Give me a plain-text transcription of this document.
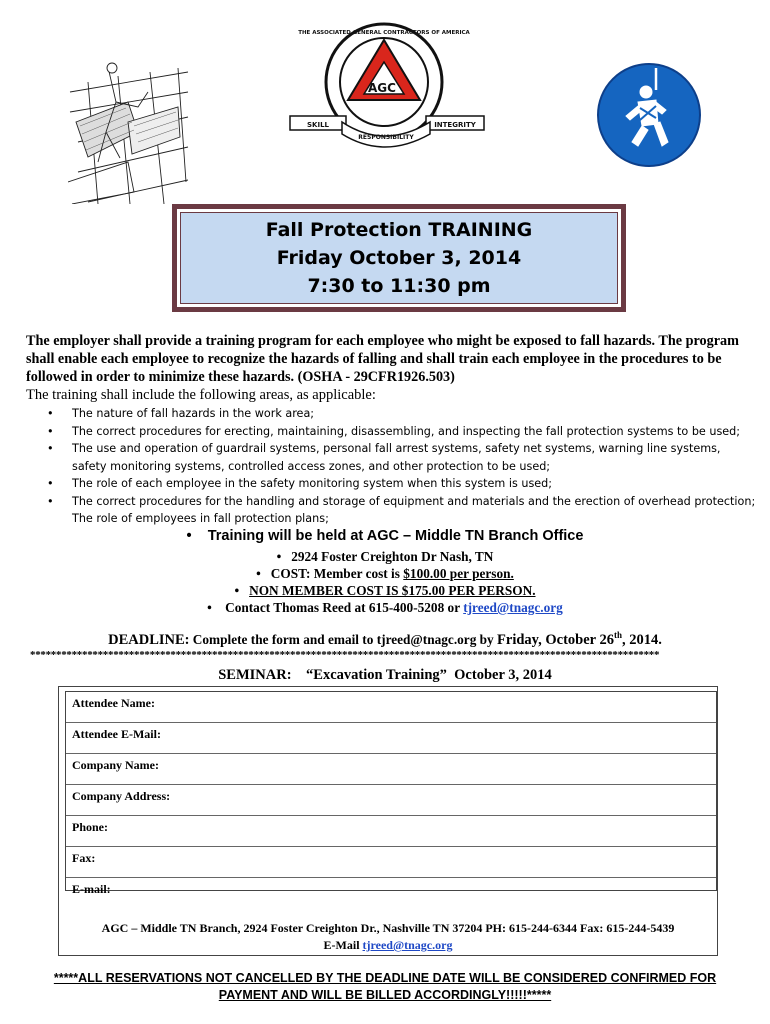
AGC
THE ASSOCIATED GENERAL CONTRACTORS OF AMERICA
SKILL
RESPONSIBILITY
INTEGRITY
Fall Protection TRAINING
Friday October 3, 2014
7:30 to 11:30 pm
The employer shall provide a training program for each employee who might be exposed to fall hazards. The program shall enable each employee to recognize the hazards of falling and shall train each employee in the procedures to be followed in order to minimize these hazards. (OSHA - 29CFR1926.503)
The training shall include the following areas, as applicable:
• The nature of fall hazards in the work area;
• The correct procedures for erecting, maintaining, disassembling, and inspecting the fall protection systems to be used;
• The use and operation of guardrail systems, personal fall arrest systems, safety net systems, warning line systems, safety monitoring systems, controlled access zones, and other protection to be used;
• The role of each employee in the safety monitoring system when this system is used;
• The correct procedures for the handling and storage of equipment and materials and the erection of overhead protection; The role of employees in fall protection plans;
•    Training will be held at AGC – Middle TN Branch Office
•   2924 Foster Creighton Dr Nash, TN
•   COST: Member cost is $100.00 per person.
•   NON MEMBER COST IS $175.00 PER PERSON.
•    Contact Thomas Reed at 615-400-5208 or tjreed@tnagc.org
DEADLINE: Complete the form and email to tjreed@tnagc.org by Friday, October 26th, 2014.
*************************************************************************************************************************
SEMINAR:    “Excavation Training”  October 3, 2014
Attendee Name:
Attendee E-Mail:
Company Name:
Company Address:
Phone:
Fax:
E-mail:
AGC – Middle TN Branch, 2924 Foster Creighton Dr., Nashville TN 37204 PH: 615-244-6344 Fax: 615-244-5439
E-Mail tjreed@tnagc.org
*****ALL RESERVATIONS NOT CANCELLED BY THE DEADLINE DATE WILL BE CONSIDERED CONFIRMED FOR
PAYMENT AND WILL BE BILLED ACCORDINGLY!!!!!*****
